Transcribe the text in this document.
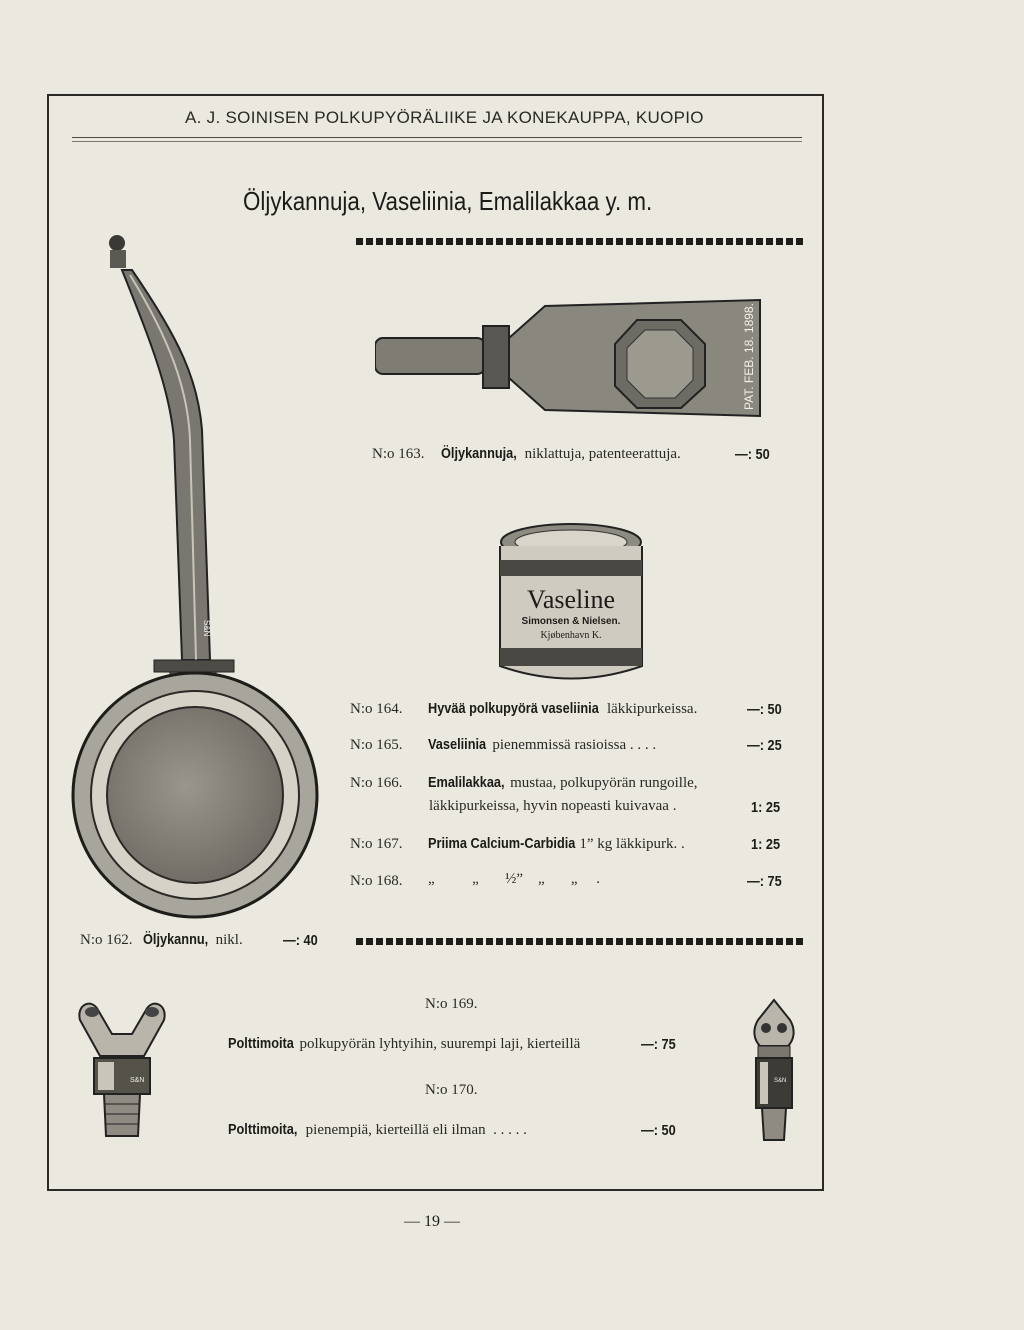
A. J. SOINISEN POLKUPYÖRÄLIIKE JA KONEKAUPPA, KUOPIO
Öljykannuja, Vaseliinia, Emalilakkaa y. m.
S&N
PAT. FEB. 18. 1898.
N:o 163. Öljykannuja, niklattuja, patenteerattuja.	—: 50
Vaseline
Simonsen & Nielsen.
Kjøbenhavn K.
N:o 164. Hyvää polkupyörä vaseliinia läkkipurkeissa.	—: 50
N:o 165. Vaseliinia pienemmissä rasioissa . . . .	—: 25
N:o 166. Emalilakkaa, mustaa, polkupyörän rungoille,
läkkipurkeissa, hyvin nopeasti kuivavaa .	1: 25
N:o 167. Priima Calcium-Carbidia 1” kg läkkipurk. .	1: 25
N:o 168. „          „       ½”    „       „     .	—: 75
N:o 162. Öljykannu, nikl.	—: 40
S&N	S&N
N:o 169.
Polttimoita polkupyörän lyhtyihin, suurempi laji, kierteillä	—: 75
N:o 170.
Polttimoita, pienempiä, kierteillä eli ilman  . . . . .	—: 50
— 19 —
